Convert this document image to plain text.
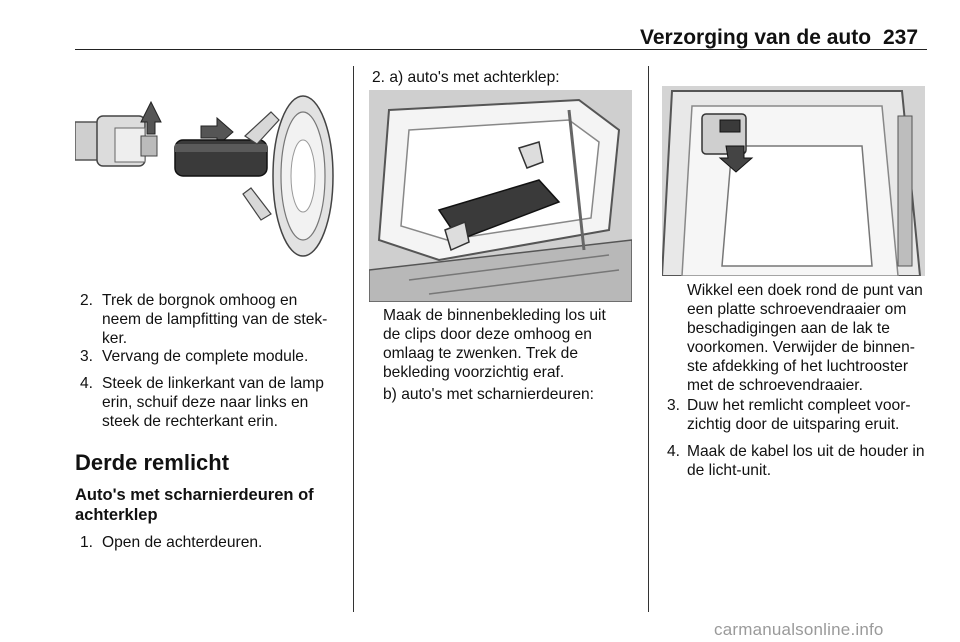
Verzorging van de auto 237
2. Trek de borgnok omhoog en
neem de lampfitting van de stek-
ker.
3. Vervang de complete module.
4. Steek de linkerkant van de lamp
erin, schuif deze naar links en
steek de rechterkant erin.
Derde remlicht
Auto's met scharnierdeuren of
achterklep
1. Open de achterdeuren.
2. a) auto's met achterklep:
Maak de binnenbekleding los uit
de clips door deze omhoog en
omlaag te zwenken. Trek de
bekleding voorzichtig eraf.
b) auto's met scharnierdeuren:
Wikkel een doek rond de punt van
een platte schroevendraaier om
beschadigingen aan de lak te
voorkomen. Verwijder de binnen-
ste afdekking of het luchtrooster
met de schroevendraaier.
3. Duw het remlicht compleet voor-
zichtig door de uitsparing eruit.
4. Maak de kabel los uit de houder in
de licht-unit.
carmanualsonline.info
